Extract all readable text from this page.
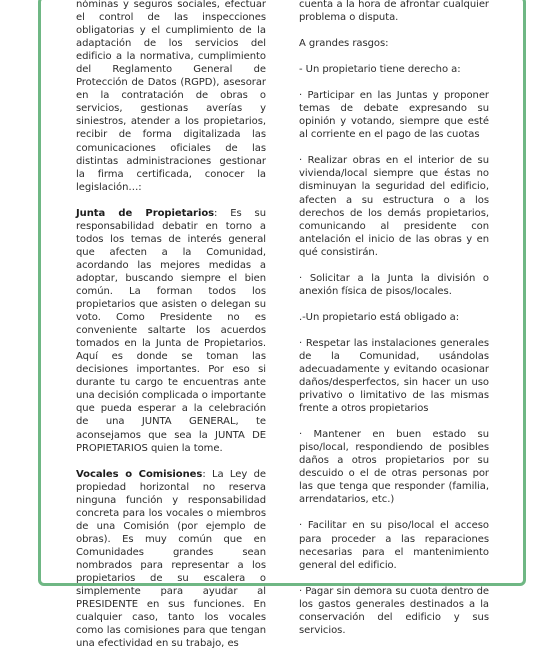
nóminas y seguros sociales, efectuar el control de las inspecciones obligatorias y el cumplimiento de la adaptación de los servicios del edificio a la normativa, cumplimiento del Reglamento General de Protección de Datos (RGPD), asesorar en la contratación de obras o servicios, gestionas averías y siniestros, atender a los propietarios, recibir de forma digitalizada las comunicaciones oficiales de las distintas administraciones gestionar la firma certificada, conocer la legislación…:

Junta de Propietarios: Es su responsabilidad debatir en torno a todos los temas de interés general que afecten a la Comunidad, acordando las mejores medidas a adoptar, buscando siempre el bien común. La forman todos los propietarios que asisten o delegan su voto. Como Presidente no es conveniente saltarte los acuerdos tomados en la Junta de Propietarios. Aquí es donde se toman las decisiones importantes. Por eso si durante tu cargo te encuentras ante una decisión complicada o importante que pueda esperar a la celebración de una JUNTA GENERAL, te aconsejamos que sea la JUNTA DE PROPIETARIOS quien la tome.

Vocales o Comisiones: La Ley de propiedad horizontal no reserva ninguna función y responsabilidad concreta para los vocales o miembros de una Comisión (por ejemplo de obras). Es muy común que en Comunidades grandes sean nombrados para representar a los propietarios de su escalera o simplemente para ayudar al PRESIDENTE en sus funciones. En cualquier caso, tanto los vocales como las comisiones para que tengan una efectividad en su trabajo, es

cuenta a la hora de afrontar cualquier problema o disputa.

A grandes rasgos:

- Un propietario tiene derecho a:

· Participar en las Juntas y proponer temas de debate expresando su opinión y votando, siempre que esté al corriente en el pago de las cuotas

· Realizar obras en el interior de su vivienda/local siempre que éstas no disminuyan la seguridad del edificio, afecten a su estructura o a los derechos de los demás propietarios, comunicando al presidente con antelación el inicio de las obras y en qué consistirán.

· Solicitar a la Junta la división o anexión física de pisos/locales.

.-Un propietario está obligado a:

· Respetar las instalaciones generales de la Comunidad, usándolas adecuadamente y evitando ocasionar daños/desperfectos, sin hacer un uso privativo o limitativo de las mismas frente a otros propietarios

· Mantener en buen estado su piso/local, respondiendo de posibles daños a otros propietarios por su descuido o el de otras personas por las que tenga que responder (familia, arrendatarios, etc.)

· Facilitar en su piso/local el acceso para proceder a las reparaciones necesarias para el mantenimiento general del edificio.

· Pagar sin demora su cuota dentro de los gastos generales destinados a la conservación del edificio y sus servicios.
